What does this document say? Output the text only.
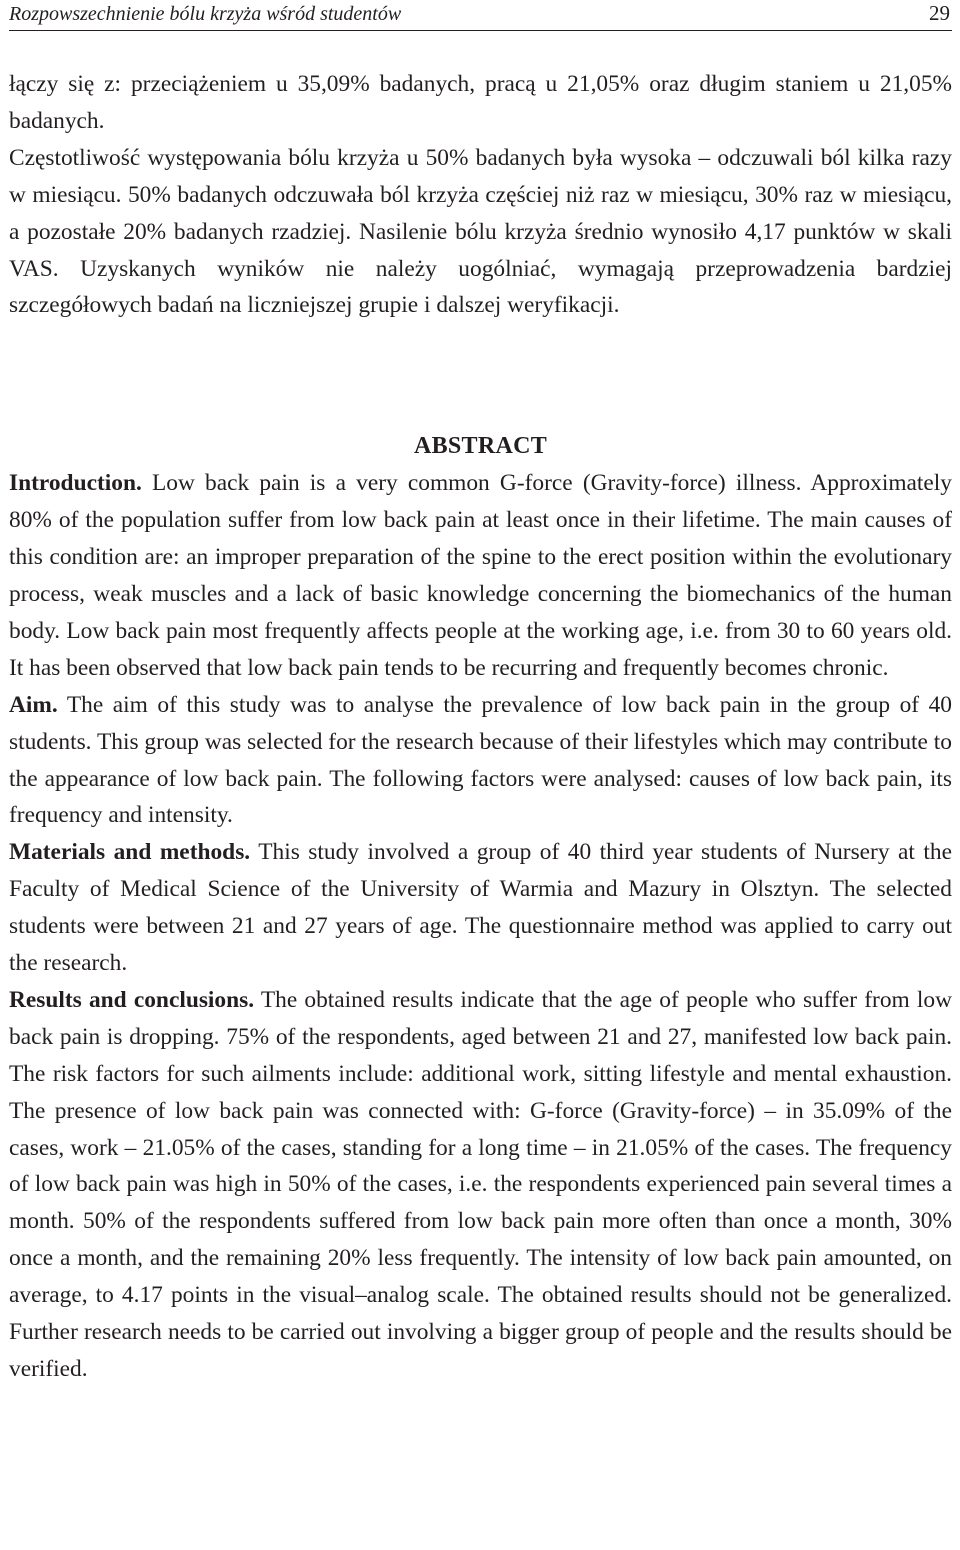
Rozpowszechnienie bólu krzyża wśród studentów	29

łączy się z: przeciążeniem u 35,09% badanych, pracą u 21,05% oraz długim staniem u 21,05% badanych.

Częstotliwość występowania bólu krzyża u 50% badanych była wysoka – odczuwali ból kilka razy w miesiącu. 50% badanych odczuwała ból krzyża częściej niż raz w miesiącu, 30% raz w miesiącu, a pozostałe 20% badanych rzadziej. Nasilenie bólu krzyża średnio wynosiło 4,17 punktów w skali VAS. Uzyskanych wyników nie należy uogólniać, wymagają przeprowadzenia bardziej szczegółowych badań na liczniejszej grupie i dalszej weryfikacji.

ABSTRACT

Introduction. Low back pain is a very common G-force (Gravity-force) illness. Approximately 80% of the population suffer from low back pain at least once in their lifetime. The main causes of this condition are: an improper preparation of the spine to the erect position within the evolutionary process, weak muscles and a lack of basic knowledge concerning the biomechanics of the human body. Low back pain most frequently affects people at the working age, i.e. from 30 to 60 years old. It has been observed that low back pain tends to be recurring and frequently becomes chronic.

Aim. The aim of this study was to analyse the prevalence of low back pain in the group of 40 students. This group was selected for the research because of their lifestyles which may contribute to the appearance of low back pain. The following factors were analysed: causes of low back pain, its frequency and intensity.

Materials and methods. This study involved a group of 40 third year students of Nursery at the Faculty of Medical Science of the University of Warmia and Mazury in Olsztyn. The selected students were between 21 and 27 years of age. The questionnaire method was applied to carry out the research.

Results and conclusions. The obtained results indicate that the age of people who suffer from low back pain is dropping. 75% of the respondents, aged between 21 and 27, manifested low back pain. The risk factors for such ailments include: additional work, sitting lifestyle and mental exhaustion. The presence of low back pain was connected with: G-force (Gravity-force) – in 35.09% of the cases, work – 21.05% of the cases, standing for a long time – in 21.05% of the cases. The frequency of low back pain was high in 50% of the cases, i.e. the respondents experienced pain several times a month. 50% of the respondents suffered from low back pain more often than once a month, 30% once a month, and the remaining 20% less frequently. The intensity of low back pain amounted, on average, to 4.17 points in the visual–analog scale. The obtained results should not be generalized. Further research needs to be carried out involving a bigger group of people and the results should be verified.
